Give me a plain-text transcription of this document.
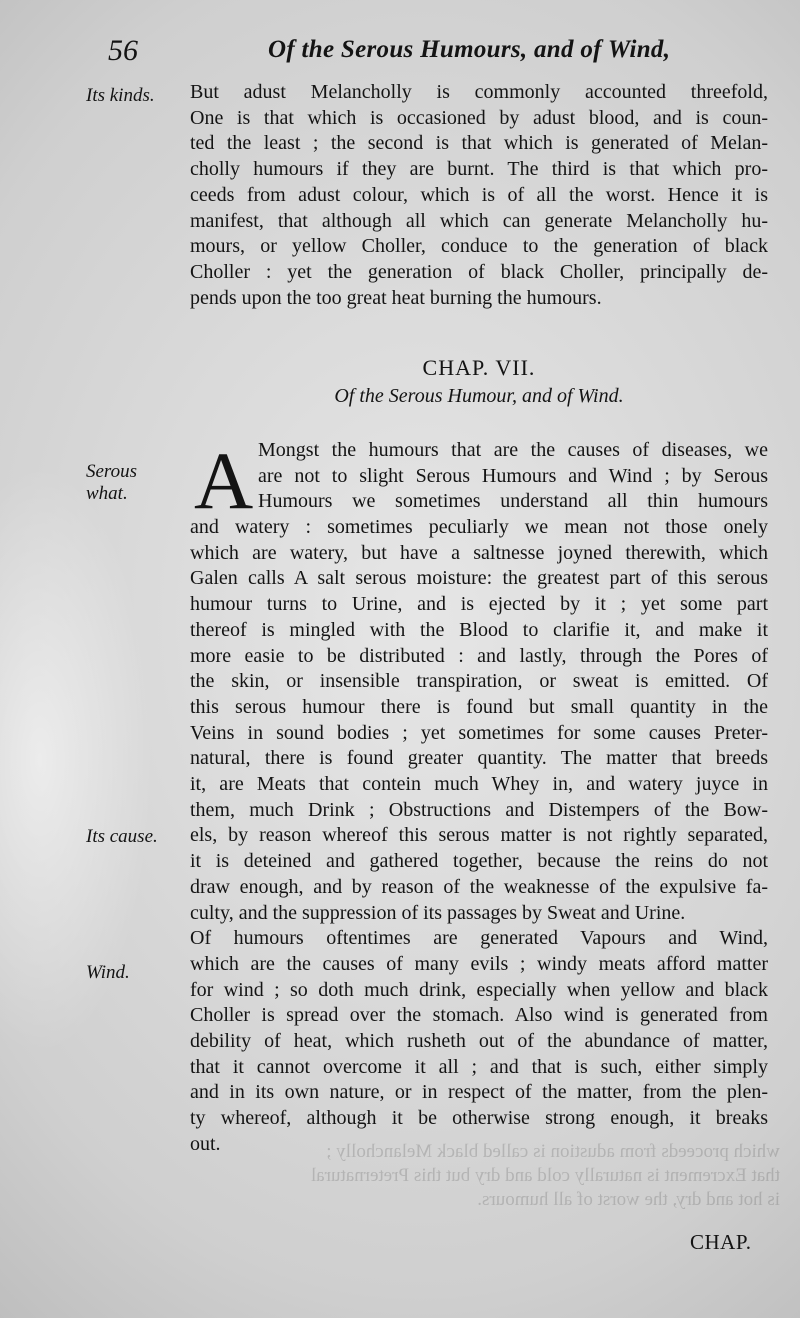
which proceeds from adustion is called black Melancholly ;
that Excrement is naturally cold and dry but this Preternatural
is hot and dry, the worst of all humours.
56	Of the Serous Humours, and of Wind,
Its kinds. But adust Melancholly is commonly accounted threefold,
One is that which is occasioned by adust blood, and is coun-
ted the least ; the second is that which is generated of Melan-
cholly humours if they are burnt. The third is that which pro-
ceeds from adust colour, which is of all the worst. Hence it is
manifest, that although all which can generate Melancholly hu-
mours, or yellow Choller, conduce to the generation of black
Choller : yet the generation of black Choller, principally de-
pends upon the too great heat burning the humours.
CHAP. VII.
Of the Serous Humour, and of Wind.
Serous
what. A Mongst the humours that are the causes of diseases, we
are not to slight Serous Humours and Wind ; by Serous
Humours we sometimes understand all thin humours
Its cause.
Wind.
and watery : sometimes peculiarly we mean not those onely
which are watery, but have a saltnesse joyned therewith, which
Galen calls A salt serous moisture: the greatest part of this serous
humour turns to Urine, and is ejected by it ; yet some part
thereof is mingled with the Blood to clarifie it, and make it
more easie to be distributed : and lastly, through the Pores of
the skin, or insensible transpiration, or sweat is emitted. Of
this serous humour there is found but small quantity in the
Veins in sound bodies ; yet sometimes for some causes Preter-
natural, there is found greater quantity. The matter that breeds
it, are Meats that contein much Whey in, and watery juyce in
them, much Drink ; Obstructions and Distempers of the Bow-
els, by reason whereof this serous matter is not rightly separated,
it is deteined and gathered together, because the reins do not
draw enough, and by reason of the weaknesse of the expulsive fa-
culty, and the suppression of its passages by Sweat and Urine.
Of humours oftentimes are generated Vapours and Wind,
which are the causes of many evils ; windy meats afford matter
for wind ; so doth much drink, especially when yellow and black
Choller is spread over the stomach. Also wind is generated from
debility of heat, which rusheth out of the abundance of matter,
that it cannot overcome it all ; and that is such, either simply
and in its own nature, or in respect of the matter, from the plen-
ty whereof, although it be otherwise strong enough, it breaks
out.
CHAP.
